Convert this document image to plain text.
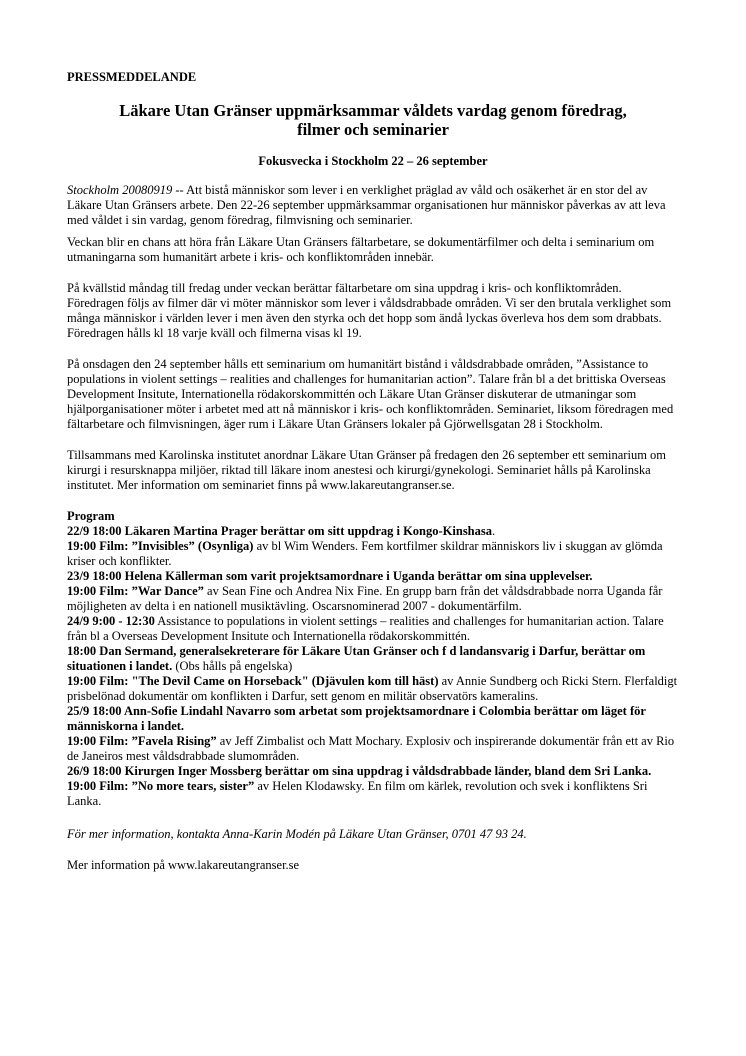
PRESSMEDDELANDE
Läkare Utan Gränser uppmärksammar våldets vardag genom föredrag, filmer och seminarier
Fokusvecka i Stockholm 22 – 26 september

Stockholm 20080919 -- Att bistå människor som lever i en verklighet präglad av våld och osäkerhet är en stor del av Läkare Utan Gränsers arbete. Den 22-26 september uppmärksammar organisationen hur människor påverkas av att leva med våldet i sin vardag, genom föredrag, filmvisning och seminarier.

Veckan blir en chans att höra från Läkare Utan Gränsers fältarbetare, se dokumentärfilmer och delta i seminarium om utmaningarna som humanitärt arbete i kris- och konfliktområden innebär.

På kvällstid måndag till fredag under veckan berättar fältarbetare om sina uppdrag i kris- och konfliktområden. Föredragen följs av filmer där vi möter människor som lever i våldsdrabbade områden. Vi ser den brutala verklighet som många människor i världen lever i men även den styrka och det hopp som ändå lyckas överleva hos dem som drabbats. Föredragen hålls kl 18 varje kväll och filmerna visas kl 19.

På onsdagen den 24 september hålls ett seminarium om humanitärt bistånd i våldsdrabbade områden, ”Assistance to populations in violent settings – realities and challenges for humanitarian action”. Talare från bl a det brittiska Overseas Development Insitute, Internationella rödakorskommittén och Läkare Utan Gränser diskuterar de utmaningar som hjälporganisationer möter i arbetet med att nå människor i kris- och konfliktområden. Seminariet, liksom föredragen med fältarbetare och filmvisningen, äger rum i Läkare Utan Gränsers lokaler på Gjörwellsgatan 28 i Stockholm.

Tillsammans med Karolinska institutet anordnar Läkare Utan Gränser på fredagen den 26 september ett seminarium om kirurgi i resursknappa miljöer, riktad till läkare inom anestesi och kirurgi/gynekologi. Seminariet hålls på Karolinska institutet. Mer information om seminariet finns på www.lakareutangranser.se.

Program
22/9 18:00 Läkaren Martina Prager berättar om sitt uppdrag i Kongo-Kinshasa.
19:00 Film: ”Invisibles” (Osynliga) av bl Wim Wenders. Fem kortfilmer skildrar människors liv i skuggan av glömda kriser och konflikter.
23/9 18:00 Helena Källerman som varit projektsamordnare i Uganda berättar om sina upplevelser.
19:00 Film: ”War Dance” av Sean Fine och Andrea Nix Fine. En grupp barn från det våldsdrabbade norra Uganda får möjligheten av delta i en nationell musiktävling. Oscarsnominerad 2007 - dokumentärfilm.
24/9 9:00 - 12:30 Assistance to populations in violent settings – realities and challenges for humanitarian action. Talare från bl a Overseas Development Insitute och Internationella rödakorskommittén.
18:00 Dan Sermand, generalsekreterare för Läkare Utan Gränser och f d landansvarig i Darfur, berättar om situationen i landet. (Obs hålls på engelska)
19:00 Film: "The Devil Came on Horseback" (Djävulen kom till häst) av Annie Sundberg och Ricki Stern. Flerfaldigt prisbelönad dokumentär om konflikten i Darfur, sett genom en militär observatörs kameralins.
25/9 18:00 Ann-Sofie Lindahl Navarro som arbetat som projektsamordnare i Colombia berättar om läget för människorna i landet.
19:00 Film: ”Favela Rising” av Jeff Zimbalist och Matt Mochary. Explosiv och inspirerande dokumentär från ett av Rio de Janeiros mest våldsdrabbade slumområden.
26/9 18:00 Kirurgen Inger Mossberg berättar om sina uppdrag i våldsdrabbade länder, bland dem Sri Lanka.
19:00 Film: ”No more tears, sister” av Helen Klodawsky. En film om kärlek, revolution och svek i konfliktens Sri Lanka.
För mer information, kontakta Anna-Karin Modén på Läkare Utan Gränser, 0701 47 93 24.
Mer information på www.lakareutangranser.se
